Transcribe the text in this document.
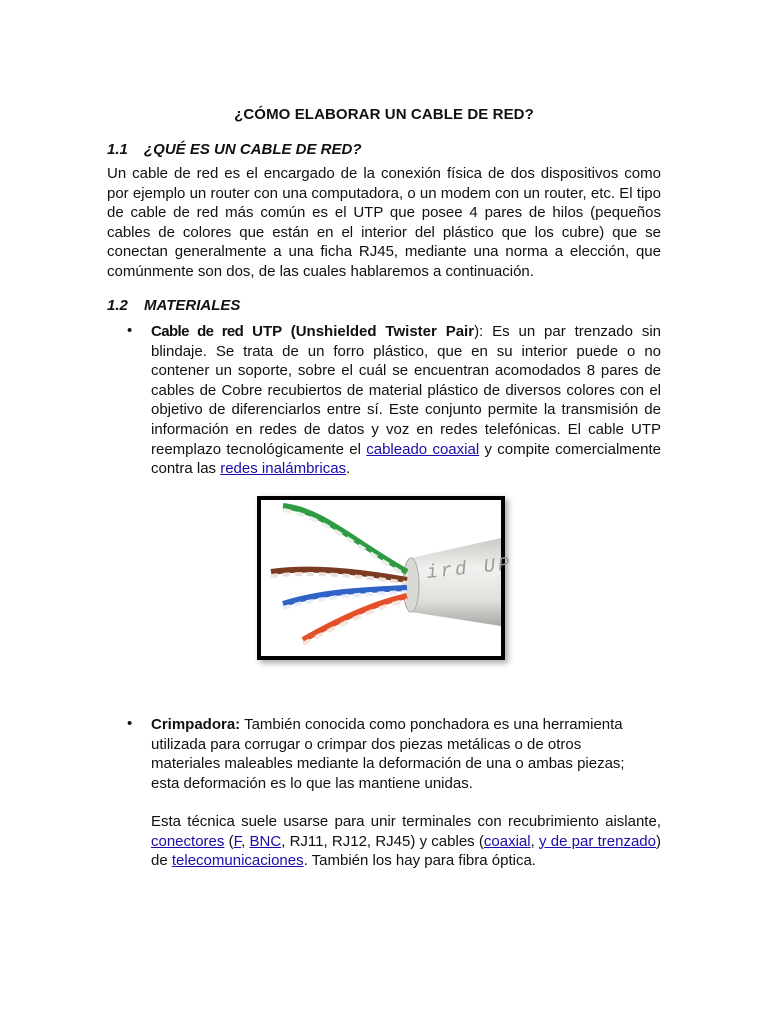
¿CÓMO ELABORAR UN CABLE DE RED?
1.1 ¿QUÉ ES UN CABLE DE RED?

Un cable de red es el encargado de la conexión física de dos dispositivos como por ejemplo un router con una computadora, o un modem con un router, etc. El tipo de cable de red más común es el UTP que posee 4 pares de hilos (pequeños cables de colores que están en el interior del plástico que los cubre) que se conectan generalmente a una ficha RJ45, mediante una norma a elección, que comúnmente son dos, de las cuales hablaremos a continuación.

1.2 MATERIALES
• Cable de red UTP (Unshielded Twister Pair): Es un par trenzado sin blindaje. Se trata de un forro plástico, que en su interior puede o no contener un soporte, sobre el cuál se encuentran acomodados 8 pares de cables de Cobre recubiertos de material plástico de diversos colores con el objetivo de diferenciarlos entre sí. Este conjunto permite la transmisión de información en redes de datos y voz en redes telefónicas. El cable UTP reemplazo tecnológicamente el cableado coaxial y compite comercialmente contra las redes inalámbricas.

ird UP
• Crimpadora: También conocida como ponchadora es una herramienta utilizada para corrugar o crimpar dos piezas metálicas o de otros materiales maleables mediante la deformación de una o ambas piezas; esta deformación es lo que las mantiene unidas.

Esta técnica suele usarse para unir terminales con recubrimiento aislante, conectores (F, BNC, RJ11, RJ12, RJ45) y cables (coaxial, y de par trenzado) de telecomunicaciones. También los hay para fibra óptica.
